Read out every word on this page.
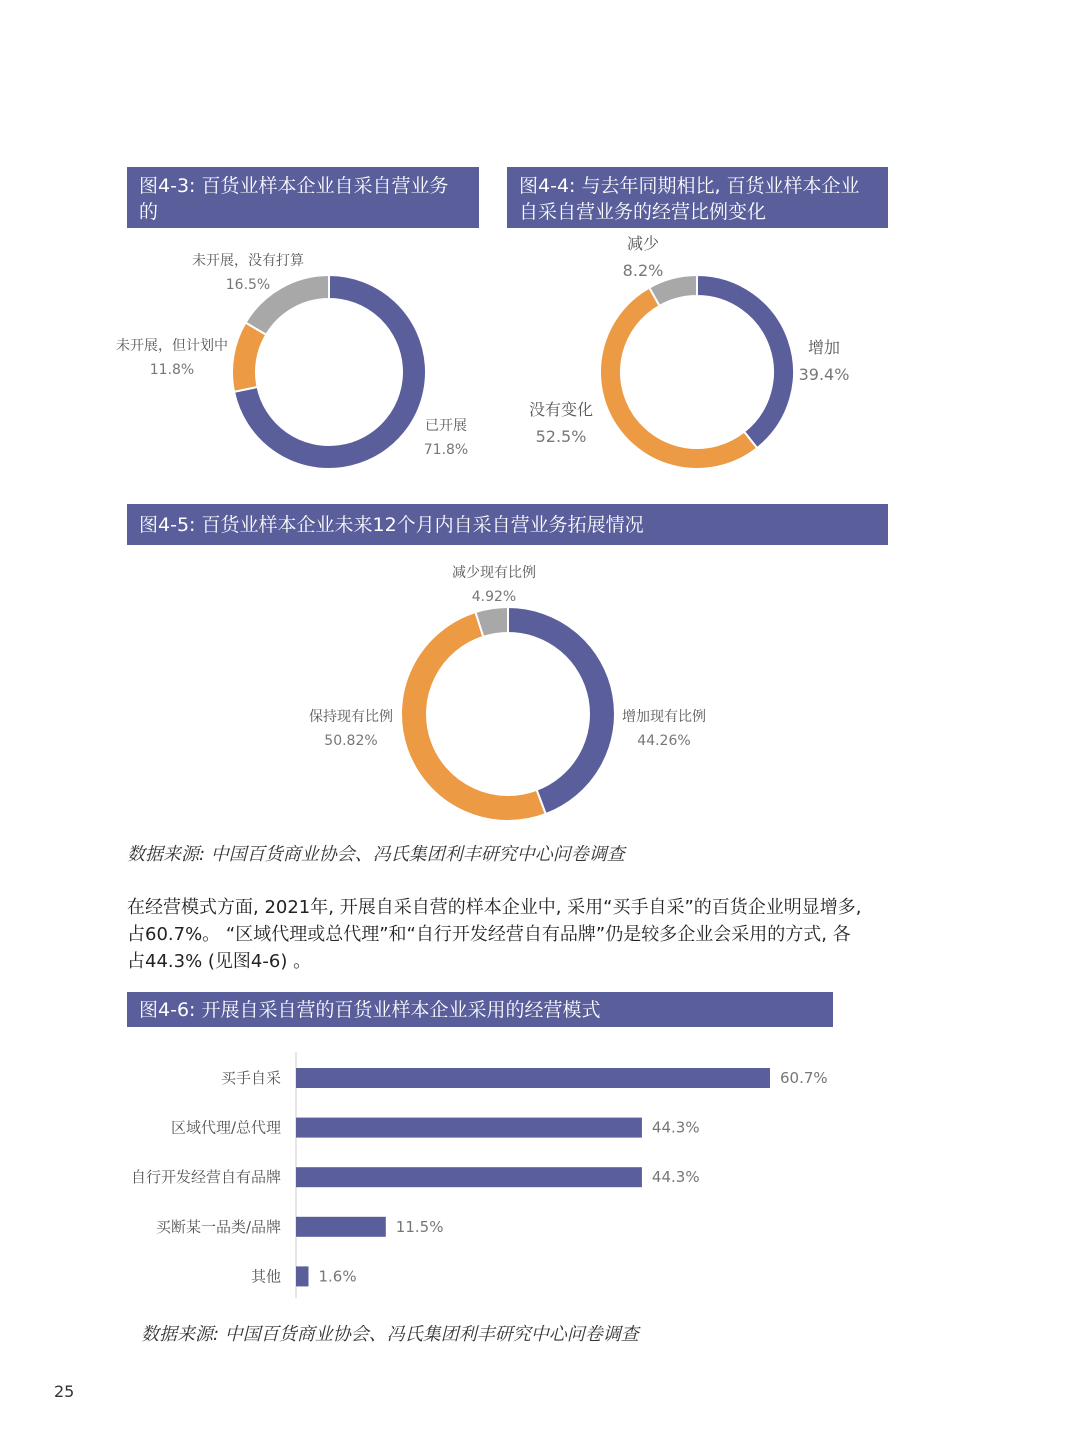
图4-3: 百货业样本企业自采自营业务的
开展情况
图4-4: 与去年同期相比, 百货业样本企业
自采自营业务的经营比例变化
已开展
71.8%
未开展，但计划中
11.8%
未开展，没有打算
16.5%
增加
39.4%
没有变化
52.5%
减少
8.2%
图4-5: 百货业样本企业未来12个月内自采自营业务拓展情况
增加现有比例
44.26%
保持现有比例
50.82%
减少现有比例
4.92%
数据来源: 中国百货商业协会、冯氏集团利丰研究中心问卷调查
在经营模式方面, 2021年, 开展自采自营的样本企业中, 采用“买手自采”的百货企业明显增多,
占60.7%。 “区域代理或总代理”和“自行开发经营自有品牌”仍是较多企业会采用的方式, 各
占44.3% (见图4-6) 。
图4-6: 开展自采自营的百货业样本企业采用的经营模式
买手自采	60.7%
区域代理/总代理	44.3%
自行开发经营自有品牌	44.3%
买断某一品类/品牌	11.5%
其他 1.6%
数据来源: 中国百货商业协会、冯氏集团利丰研究中心问卷调查
25
